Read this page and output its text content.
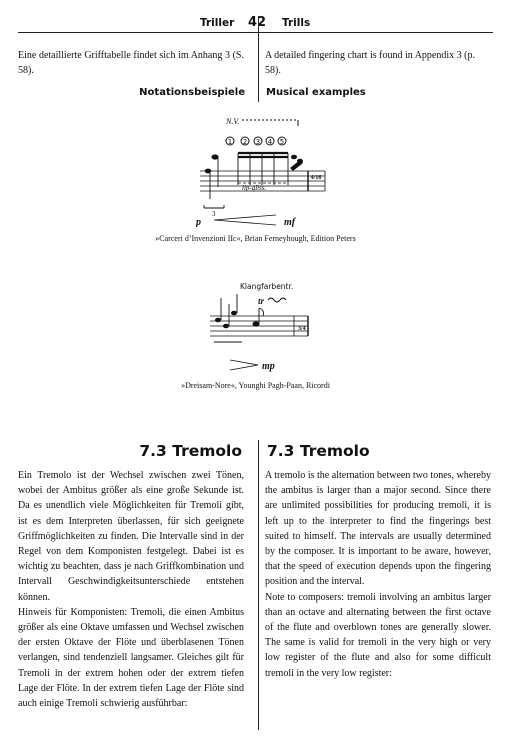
Triller	42 Trills
Eine detaillierte Grifftabelle findet sich im Anhang 3 (S. 58).
A detailed fingering chart is found in Appendix 3 (p. 58).
Notationsbeispiele Musical examples
N.V.
1 2 3 4 5
lip-gliss.
4/16
3
p	mf
»Carceri d’Invenzioni IIc«, Brian Ferneyhough, Edition Peters
Klangfarbentr.
tr
3/4
mp
»Dreisam-Nore«, Younghi Pagh-Paan, Ricordi
7.3 Tremolo 7.3 Tremolo
Ein Tremolo ist der Wechsel zwischen zwei Tönen, wobei der Ambitus größer als eine große Sekunde ist. Da es unendlich viele Möglichkeiten für Tremoli gibt, ist es dem Interpreten überlassen, für sich geeignete Griffmöglichkeiten zu finden. Die Intervalle sind in der Regel von dem Komponisten festgelegt. Dabei ist es wichtig zu beachten, dass je nach Griffkombination und Intervall Geschwindigkeitsunterschiede entstehen können.
Hinweis für Komponisten: Tremoli, die einen Ambitus größer als eine Oktave umfassen und Wechsel zwischen der ersten Oktave der Flöte und überblasenen Tönen verlangen, sind tendenziell langsamer. Gleiches gilt für Tremoli in der extrem hohen oder der extrem tiefen Lage der Flöte. In der extrem tiefen Lage der Flöte sind auch einige Tremoli schwierig ausführbar:
A tremolo is the alternation between two tones, whereby the ambitus is larger than a major second. Since there are unlimited possibilities for producing tremoli, it is left up to the interpreter to find the fingerings best suited to himself. The intervals are usually determined by the composer. It is important to be aware, however, that the speed of execution depends upon the fingering position and the interval.
Note to composers: tremoli involving an ambitus larger than an octave and alternating between the first octave of the flute and overblown tones are generally slower. The same is valid for tremoli in the very high or very low register of the flute and also for some difficult tremoli in the very low register:
